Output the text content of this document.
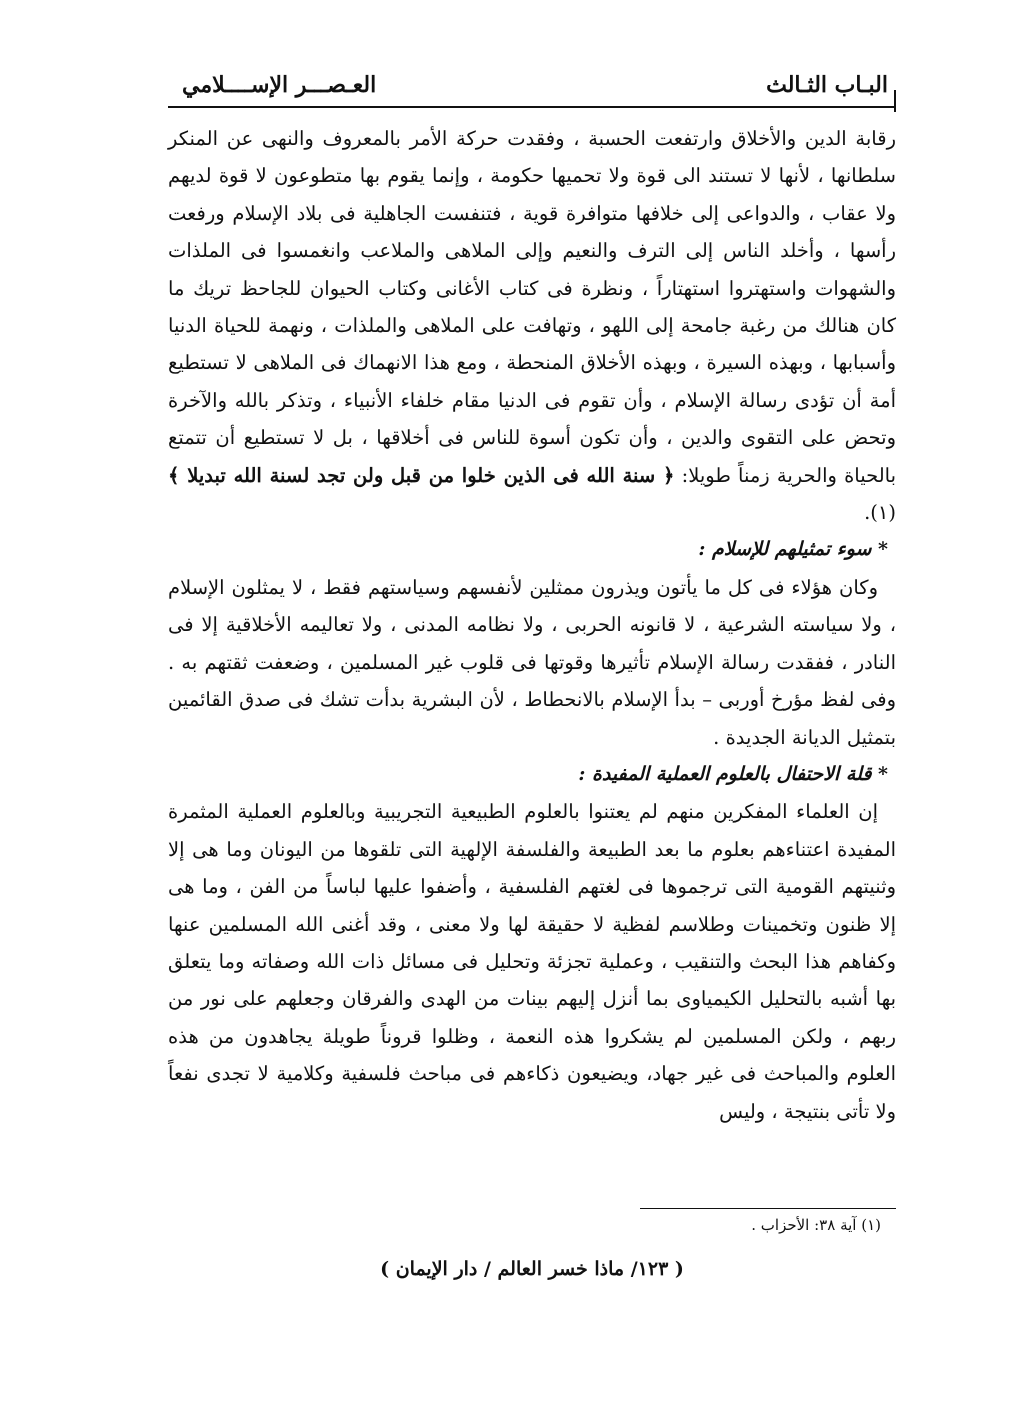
البـاب الثـالث
العـصـــر الإســــلامي

رقابة الدين والأخلاق وارتفعت الحسبة ، وفقدت حركة الأمر بالمعروف والنهى عن المنكر سلطانها ، لأنها لا تستند الى قوة ولا تحميها حكومة ، وإنما يقوم بها متطوعون لا قوة لديهم ولا عقاب ، والدواعى إلى خلافها متوافرة قوية ، فتنفست الجاهلية فى بلاد الإسلام ورفعت رأسها ، وأخلد الناس إلى الترف والنعيم وإلى الملاهى والملاعب وانغمسوا فى الملذات والشهوات واستهتروا استهتاراً ، ونظرة فى كتاب الأغانى وكتاب الحيوان للجاحظ تريك ما كان هنالك من رغبة جامحة إلى اللهو ، وتهافت على الملاهى والملذات ، ونهمة للحياة الدنيا وأسبابها ، وبهذه السيرة ، وبهذه الأخلاق المنحطة ، ومع هذا الانهماك فى الملاهى لا تستطيع أمة أن تؤدى رسالة الإسلام ، وأن تقوم فى الدنيا مقام خلفاء الأنبياء ، وتذكر بالله والآخرة وتحض على التقوى والدين ، وأن تكون أسوة للناس فى أخلاقها ، بل لا تستطيع أن تتمتع بالحياة والحرية زمناً طويلا: ﴿ سنة الله فى الذين خلوا من قبل ولن تجد لسنة الله تبديلا ﴾(١).

* سوء تمثيلهم للإسلام :

وكان هؤلاء فى كل ما يأتون ويذرون ممثلين لأنفسهم وسياستهم فقط ، لا يمثلون الإسلام ، ولا سياسته الشرعية ، لا قانونه الحربى ، ولا نظامه المدنى ، ولا تعاليمه الأخلاقية إلا فى النادر ، ففقدت رسالة الإسلام تأثيرها وقوتها فى قلوب غير المسلمين ، وضعفت ثقتهم به . وفى لفظ مؤرخ أوربى – بدأ الإسلام بالانحطاط ، لأن البشرية بدأت تشك فى صدق القائمين بتمثيل الديانة الجديدة .

* قلة الاحتفال بالعلوم العملية المفيدة :

إن العلماء المفكرين منهم لم يعتنوا بالعلوم الطبيعية التجريبية وبالعلوم العملية المثمرة المفيدة اعتناءهم بعلوم ما بعد الطبيعة والفلسفة الإلهية التى تلقوها من اليونان وما هى إلا وثنيتهم القومية التى ترجموها فى لغتهم الفلسفية ، وأضفوا عليها لباساً من الفن ، وما هى إلا ظنون وتخمينات وطلاسم لفظية لا حقيقة لها ولا معنى ، وقد أغنى الله المسلمين عنها وكفاهم هذا البحث والتنقيب ، وعملية تجزئة وتحليل فى مسائل ذات الله وصفاته وما يتعلق بها أشبه بالتحليل الكيمياوى بما أنزل إليهم بينات من الهدى والفرقان وجعلهم على نور من ربهم ، ولكن المسلمين لم يشكروا هذه النعمة ، وظلوا قروناً طويلة يجاهدون من هذه العلوم والمباحث فى غير جهاد، ويضيعون ذكاءهم فى مباحث فلسفية وكلامية لا تجدى نفعاً ولا تأتى بنتيجة ، وليس

(١) آية ٣٨: الأحزاب .
( ١٢٣/ ماذا خسر العالم / دار الإيمان )
